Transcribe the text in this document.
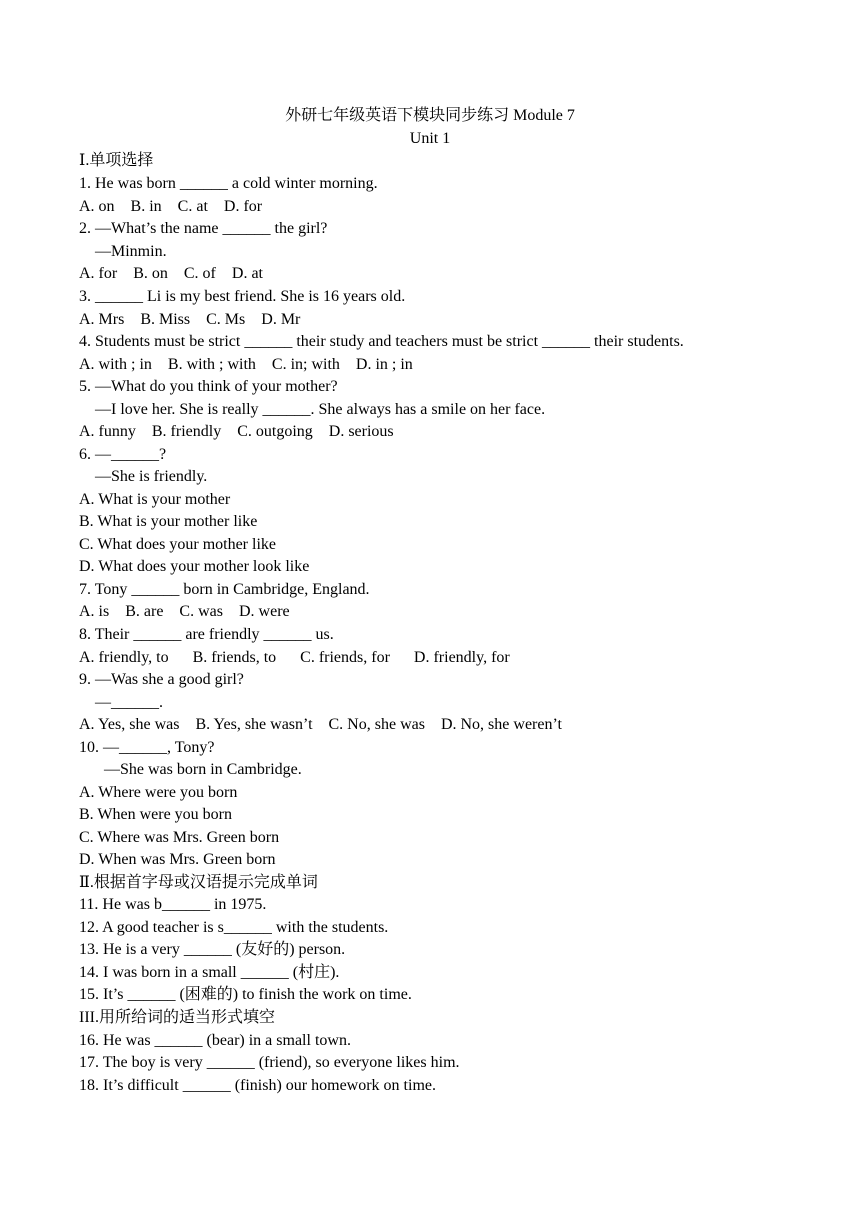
外研七年级英语下模块同步练习 Module 7
Unit 1
Ⅰ.单项选择
1. He was born ______ a cold winter morning.
A. on    B. in    C. at    D. for
2. —What’s the name ______ the girl?
—Minmin.
A. for    B. on    C. of    D. at
3. ______ Li is my best friend. She is 16 years old.
A. Mrs    B. Miss    C. Ms    D. Mr
4. Students must be strict ______ their study and teachers must be strict ______ their students.
A. with ; in    B. with ; with    C. in; with    D. in ; in
5. —What do you think of your mother?
—I love her. She is really ______. She always has a smile on her face.
A. funny    B. friendly    C. outgoing    D. serious
6. —______?
—She is friendly.
A. What is your mother
B. What is your mother like
C. What does your mother like
D. What does your mother look like
7. Tony ______ born in Cambridge, England.
A. is    B. are    C. was    D. were
8. Their ______ are friendly ______ us.
A. friendly, to      B. friends, to      C. friends, for      D. friendly, for
9. —Was she a good girl?
—______.
A. Yes, she was    B. Yes, she wasn’t    C. No, she was    D. No, she weren’t
10. —______, Tony?
—She was born in Cambridge.
A. Where were you born
B. When were you born
C. Where was Mrs. Green born
D. When was Mrs. Green born
Ⅱ.根据首字母或汉语提示完成单词
11. He was b______ in 1975.
12. A good teacher is s______ with the students.
13. He is a very ______ (友好的) person.
14. I was born in a small ______ (村庄).
15. It’s ______ (困难的) to finish the work on time.
III.用所给词的适当形式填空
16. He was ______ (bear) in a small town.
17. The boy is very ______ (friend), so everyone likes him.
18. It’s difficult ______ (finish) our homework on time.
